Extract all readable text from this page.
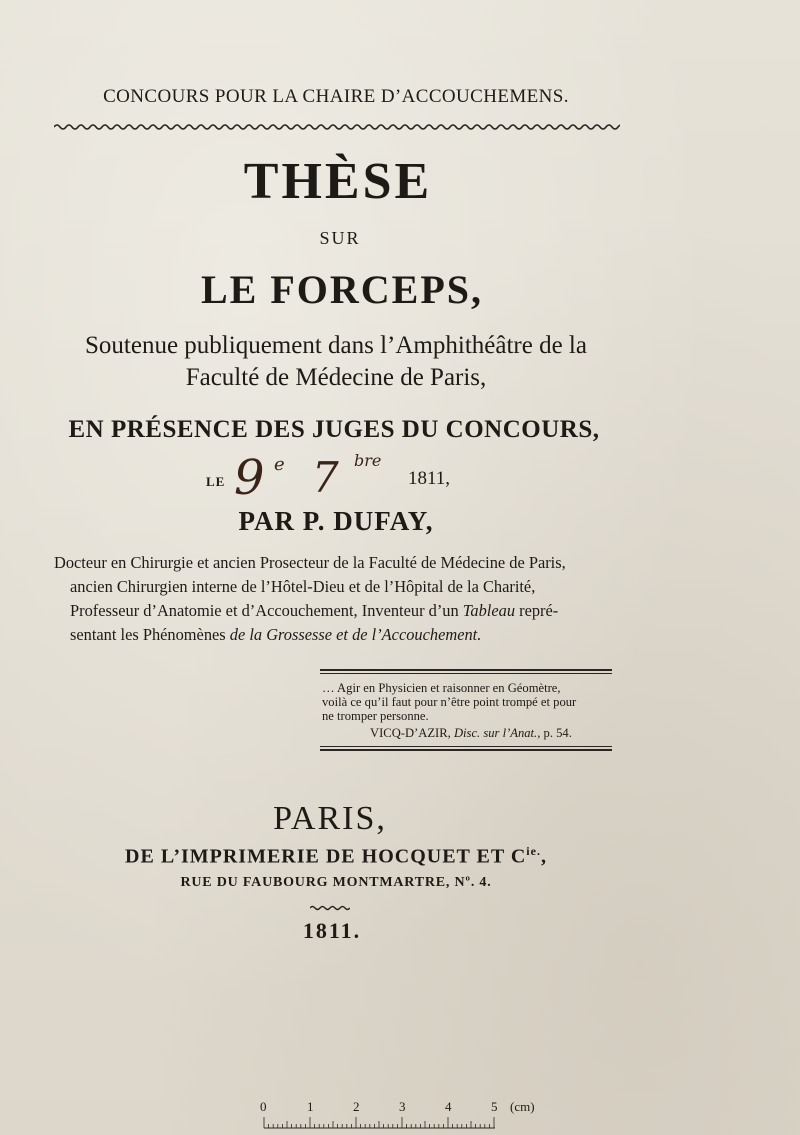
CONCOURS POUR LA CHAIRE D’ACCOUCHEMENS.
THÈSE
SUR
LE FORCEPS,
Soutenue publiquement dans l’Amphithéâtre de la
Faculté de Médecine de Paris,
EN PRÉSENCE DES JUGES DU CONCOURS,
LE 9 e 7 bre
1811,
PAR P. DUFAY,
Docteur en Chirurgie et ancien Prosecteur de la Faculté de Médecine de Paris,
ancien Chirurgien interne de l’Hôtel-Dieu et de l’Hôpital de la Charité,
Professeur d’Anatomie et d’Accouchement, Inventeur d’un Tableau repré-
sentant les Phénomènes de la Grossesse et de l’Accouchement.
… Agir en Physicien et raisonner en Géomètre,
voilà ce qu’il faut pour n’être point trompé et pour
ne tromper personne.
VICQ-D’AZIR, Disc. sur l’Anat., p. 54.
PARIS,
DE L’IMPRIMERIE DE HOCQUET ET $C^{ie.}$,
RUE DU FAUBOURG MONTMARTRE, Nº. 4.
1811.
0	1	2	3	4	5 (cm)
